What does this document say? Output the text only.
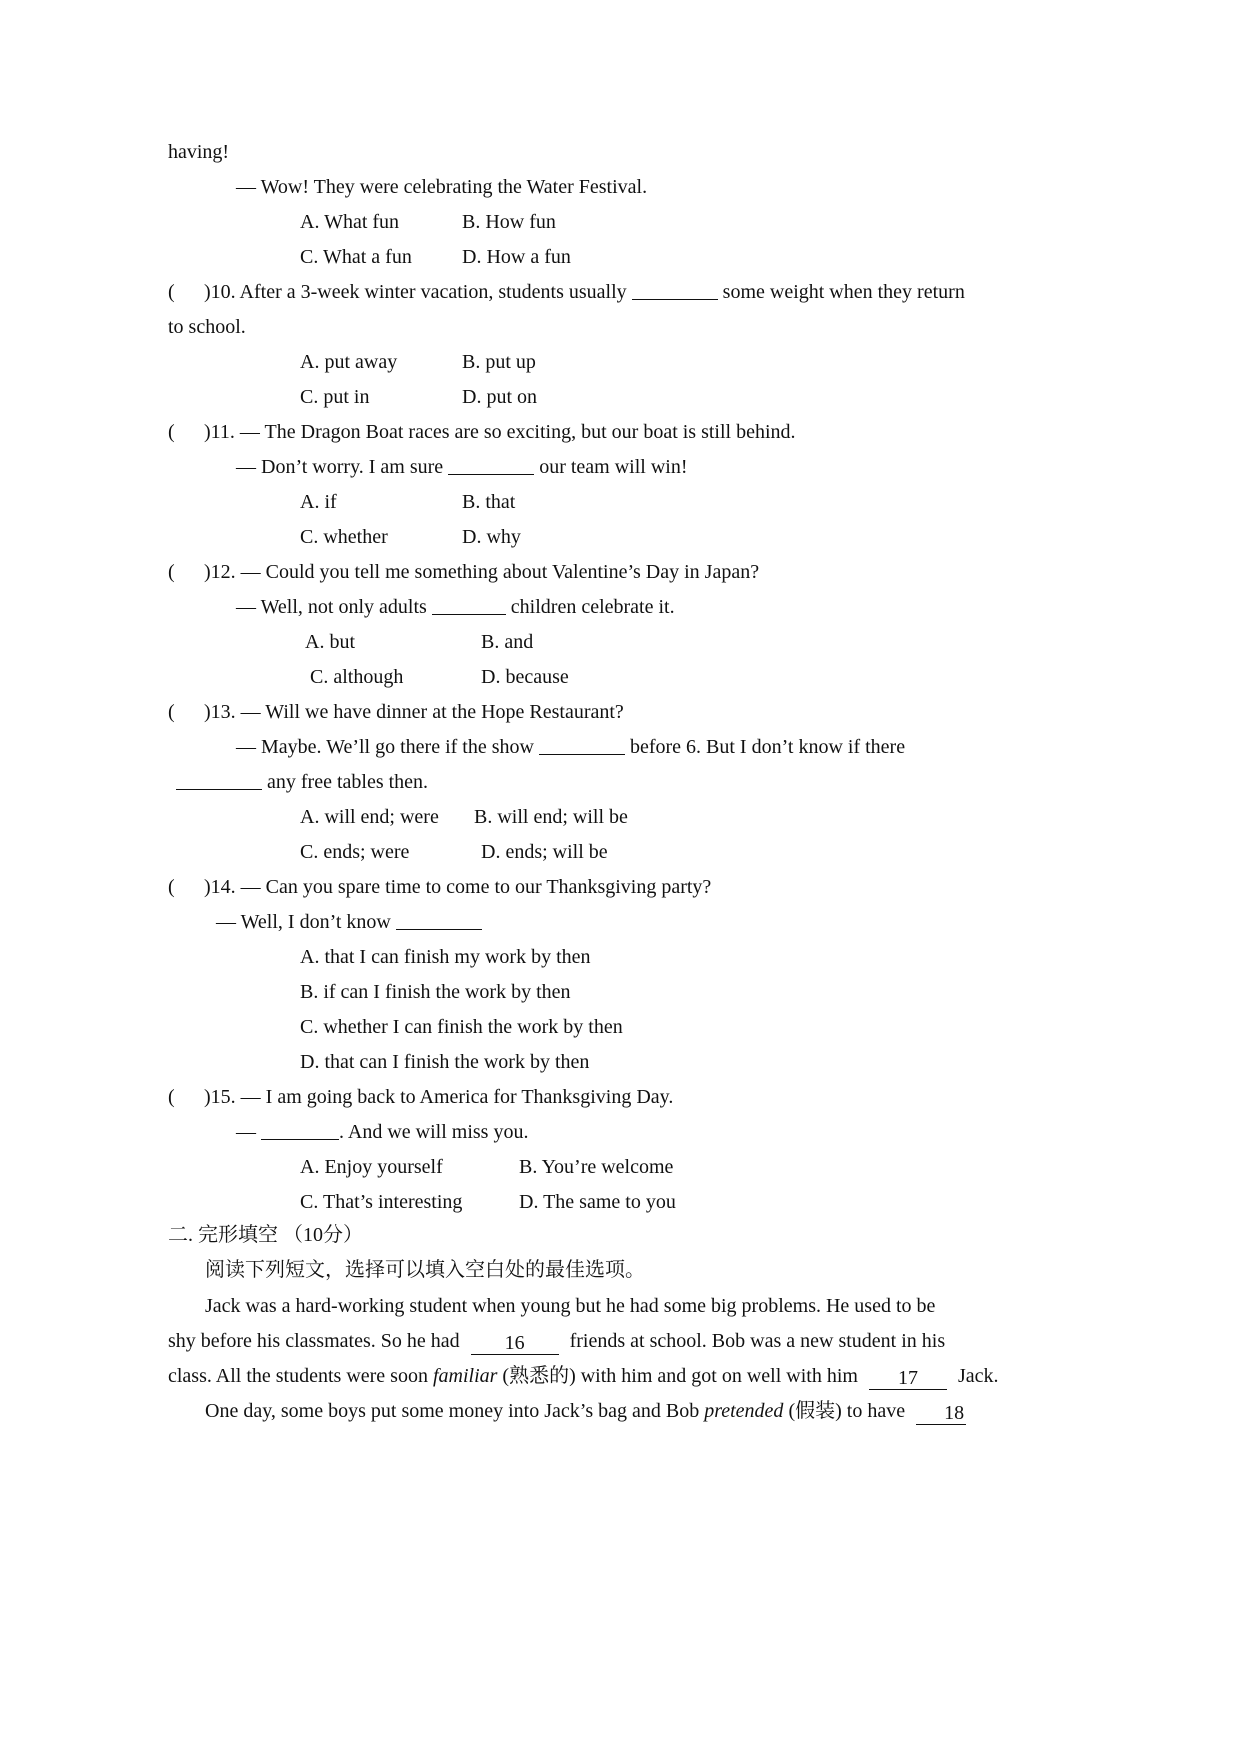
having!
— Wow! They were celebrating the Water Festival.
A. What fun	B. How fun
C. What a fun	D. How a fun
( )10. After a 3-week winter vacation, students usually	some weight when they return
to school.
A. put away	B. put up
C. put in	D. put on
( )11. — The Dragon Boat races are so exciting, but our boat is still behind.
— Don’t worry. I am sure	our team will win!
A. if	B. that
C. whether	D. why
( )12. — Could you tell me something about Valentine’s Day in Japan?
— Well, not only adults	children celebrate it.
A. but	B. and
C. although	D. because
( )13. — Will we have dinner at the Hope Restaurant?
— Maybe. We’ll go there if the show	before 6. But I don’t know if there
any free tables then.
A. will end; were B. will end; will be
C. ends; were	D. ends; will be
( )14. — Can you spare time to come to our Thanksgiving party?
— Well, I don’t know
A. that I can finish my work by then
B. if can I finish the work by then
C. whether I can finish the work by then
D. that can I finish the work by then
( )15. — I am going back to America for Thanksgiving Day.
—	. And we will miss you.
A. Enjoy yourself	B. You’re welcome
C. That’s interesting	D. The same to you
二. 完形填空 （10分）
阅读下列短文，选择可以填入空白处的最佳选项。
Jack was a hard-working student when young but he had some big problems. He used to be
shy before his classmates. So he had 16 friends at school. Bob was a new student in his
class. All the students were soon familiar (熟悉的) with him and got on well with him 17 Jack.
One day, some boys put some money into Jack’s bag and Bob pretended (假装) to have 18
